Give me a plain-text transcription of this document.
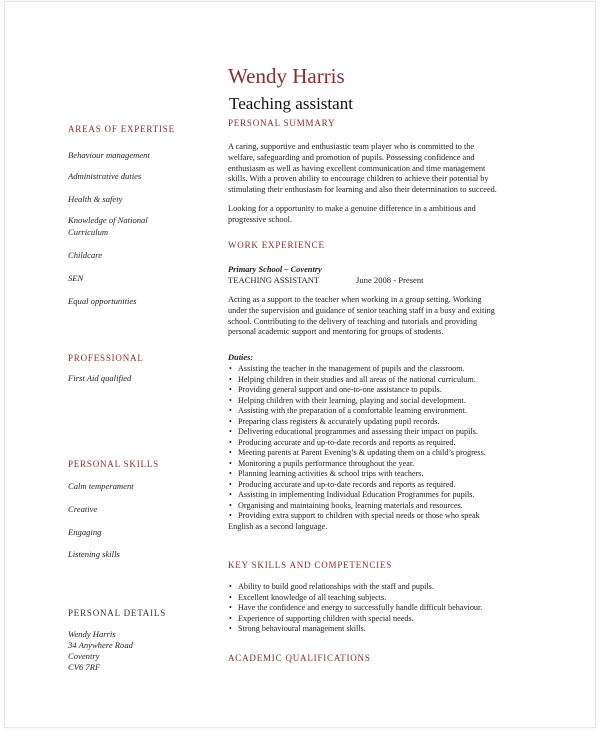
Wendy Harris
Teaching assistant
AREAS OF EXPERTISE
Behaviour management
Administrative duties
Health & safety
Knowledge of National
Curriculum
Childcare
SEN
Equal opportunities
PROFESSIONAL
First Aid qualified
PERSONAL SKILLS
Calm temperament
Creative
Engaging
Listening skills
PERSONAL DETAILS
Wendy Harris
34 Anywhere Road
Coventry
CV6 7RF
PERSONAL SUMMARY

A caring, supportive and enthusiastic team player who is committed to the

welfare, safeguarding and promotion of pupils. Possessing confidence and

enthusiasm as well as having excellent communication and time management

skills. With a proven ability to encourage children to achieve their potential by

stimulating their enthusiasm for learning and also their determination to succeed.

Looking for a opportunity to make a genuine difference in a ambitious and

progressive school.

WORK EXPERIENCE
Primary School – Coventry
TEACHING ASSISTANT	June 2008 - Present

Acting as a support to the teacher when working in a group setting. Working

under the supervision and guidance of senior teaching staff in a busy and exiting

school. Contributing to the delivery of teaching and tutorials and providing

personal academic support and mentoring for groups of students.

Duties:
• Assisting the teacher in the management of pupils and the classroom.
• Helping children in their studies and all areas of the national curriculum.
• Providing general support and one-to-one assistance to pupils.
• Helping children with their learning, playing and social development.
• Assisting with the preparation of a comfortable learning environment.
• Preparing class registers & accurately updating pupil records.
• Delivering educational programmes and assessing their impact on pupils.
• Producing accurate and up-to-date records and reports as required.
• Meeting parents at Parent Evening’s & updating them on a child’s progress.
• Monitoring a pupils performance throughout the year.
• Planning learning activities & school trips with teachers.
• Producing accurate and up-to-date records and reports as required.
• Assisting in implementing Individual Education Programmes for pupils.
• Organising and maintaining books, learning materials and resources.
• Providing extra support to children with special needs or those who speak

English as a second language.

KEY SKILLS AND COMPETENCIES
• Ability to build good relationships with the staff and pupils.
• Excellent knowledge of all teaching subjects.
• Have the confidence and energy to successfully handle difficult behaviour.
• Experience of supporting children with special needs.
• Strong behavioural management skills.
ACADEMIC QUALIFICATIONS
